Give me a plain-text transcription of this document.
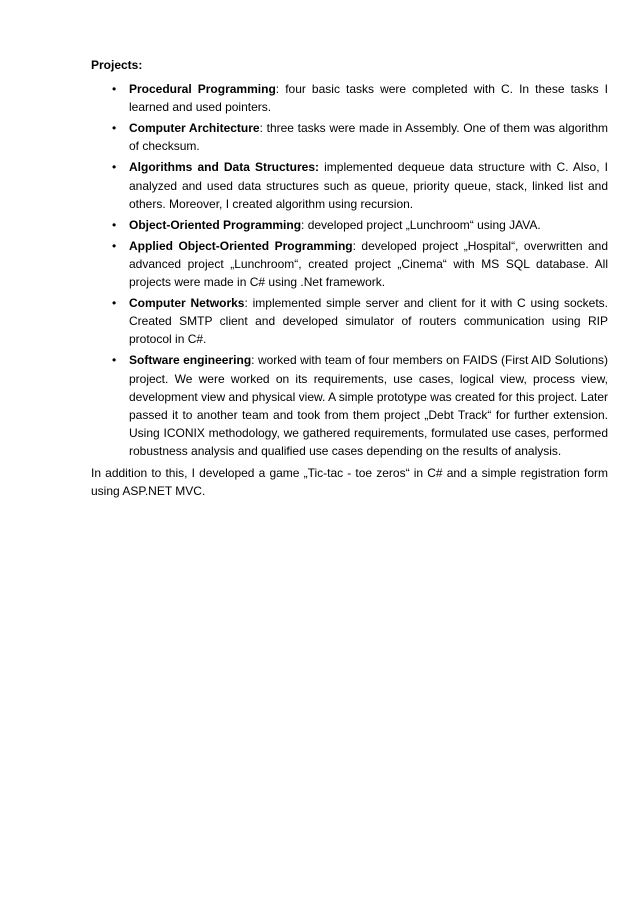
Projects:

• Procedural Programming: four basic tasks were completed with C. In these tasks I learned and used pointers.
• Computer Architecture: three tasks were made in Assembly. One of them was algorithm of checksum.
• Algorithms and Data Structures: implemented dequeue data structure with C. Also, I analyzed and used data structures such as queue, priority queue, stack, linked list and others. Moreover, I created algorithm using recursion.
• Object-Oriented Programming: developed project „Lunchroom“ using JAVA.
• Applied Object-Oriented Programming: developed project „Hospital“, overwritten and advanced project „Lunchroom“, created project „Cinema“ with MS SQL database. All projects were made in C# using .Net framework.
• Computer Networks: implemented simple server and client for it with C using sockets. Created SMTP client and developed simulator of routers communication using RIP protocol in C#.
• Software engineering: worked with team of four members on FAIDS (First AID Solutions) project. We were worked on its requirements, use cases, logical view, process view, development view and physical view. A simple prototype was created for this project. Later passed it to another team and took from them project „Debt Track“ for further extension. Using ICONIX methodology, we gathered requirements, formulated use cases, performed robustness analysis and qualified use cases depending on the results of analysis.

In addition to this, I developed a game „Tic-tac - toe zeros“ in C# and a simple registration form using ASP.NET MVC.
